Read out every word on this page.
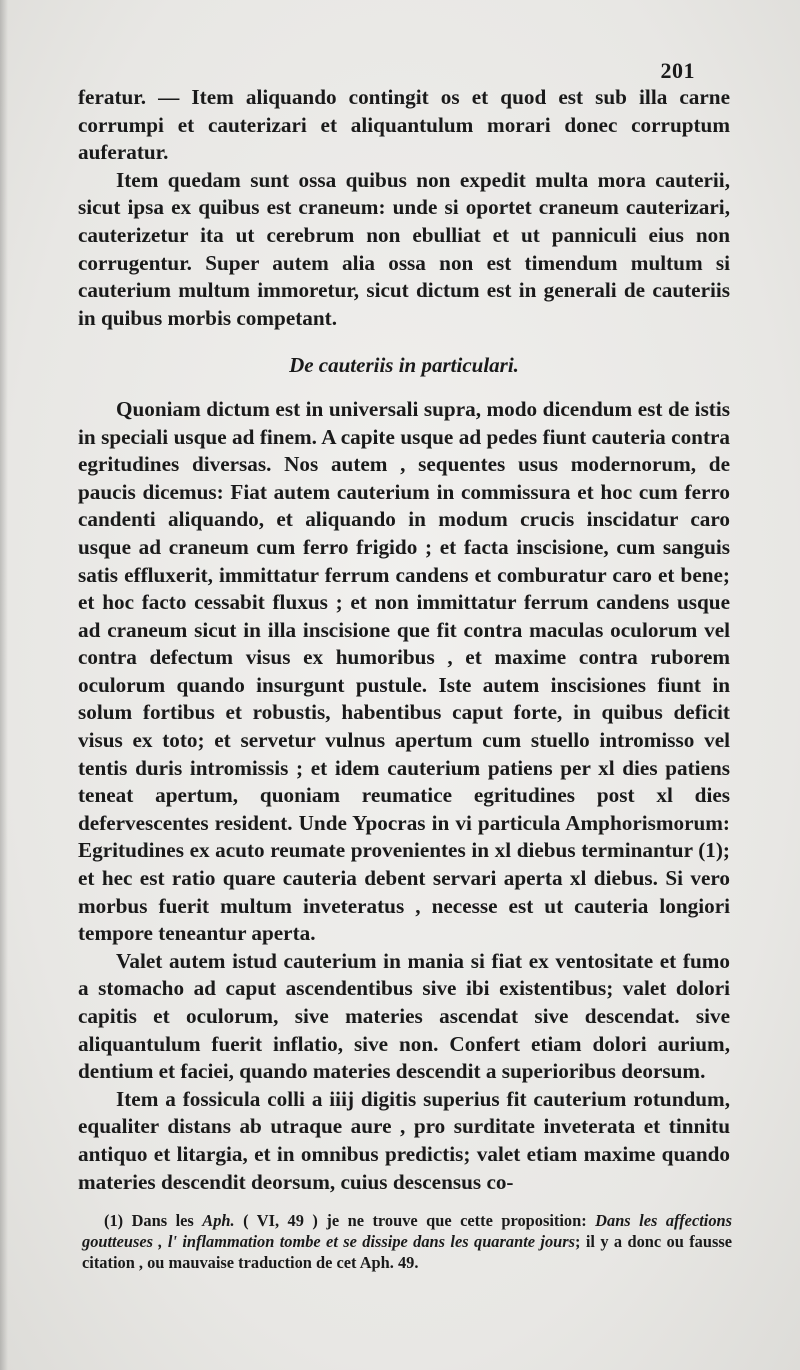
201

feratur. — Item aliquando contingit os et quod est sub illa carne corrumpi et cauterizari et aliquantulum morari donec corruptum auferatur.

Item quedam sunt ossa quibus non expedit multa mora cauterii, sicut ipsa ex quibus est craneum: unde si oportet craneum cauterizari, cauterizetur ita ut cerebrum non ebulliat et ut panniculi eius non corrugentur. Super autem alia ossa non est timendum multum si cauterium multum immoretur, sicut dictum est in generali de cauteriis in quibus morbis competant.

De cauteriis in particulari.

Quoniam dictum est in universali supra, modo dicendum est de istis in speciali usque ad finem. A capite usque ad pedes fiunt cauteria contra egritudines diversas. Nos autem , sequentes usus modernorum, de paucis dicemus: Fiat autem cauterium in commissura et hoc cum ferro candenti aliquando, et aliquando in modum crucis inscidatur caro usque ad craneum cum ferro frigido ; et facta inscisione, cum sanguis satis effluxerit, immittatur ferrum candens et comburatur caro et bene; et hoc facto cessabit fluxus ; et non immittatur ferrum candens usque ad craneum sicut in illa inscisione que fit contra maculas oculorum vel contra defectum visus ex humoribus , et maxime contra ruborem oculorum quando insurgunt pustule. Iste autem inscisiones fiunt in solum fortibus et robustis, habentibus caput forte, in quibus deficit visus ex toto; et servetur vulnus apertum cum stuello intromisso vel tentis duris intromissis ; et idem cauterium patiens per xl dies patiens teneat apertum, quoniam reumatice egritudines post xl dies defervescentes resident. Unde Ypocras in vi particula Amphorismorum: Egritudines ex acuto reumate provenientes in xl diebus terminantur (1); et hec est ratio quare cauteria debent servari aperta xl diebus. Si vero morbus fuerit multum inveteratus , necesse est ut cauteria longiori tempore teneantur aperta.

Valet autem istud cauterium in mania si fiat ex ventositate et fumo a stomacho ad caput ascendentibus sive ibi existentibus; valet dolori capitis et oculorum, sive materies ascendat sive descendat. sive aliquantulum fuerit inflatio, sive non. Confert etiam dolori aurium, dentium et faciei, quando materies descendit a superioribus deorsum.

Item a fossicula colli a iiij digitis superius fit cauterium rotundum, equaliter distans ab utraque aure , pro surditate inveterata et tinnitu antiquo et litargia, et in omnibus predictis; valet etiam maxime quando materies descendit deorsum, cuius descensus co-

(1) Dans les Aph. ( VI, 49 ) je ne trouve que cette proposition: Dans les affections goutteuses , l' inflammation tombe et se dissipe dans les quarante jours; il y a donc ou fausse citation , ou mauvaise traduction de cet Aph. 49.
